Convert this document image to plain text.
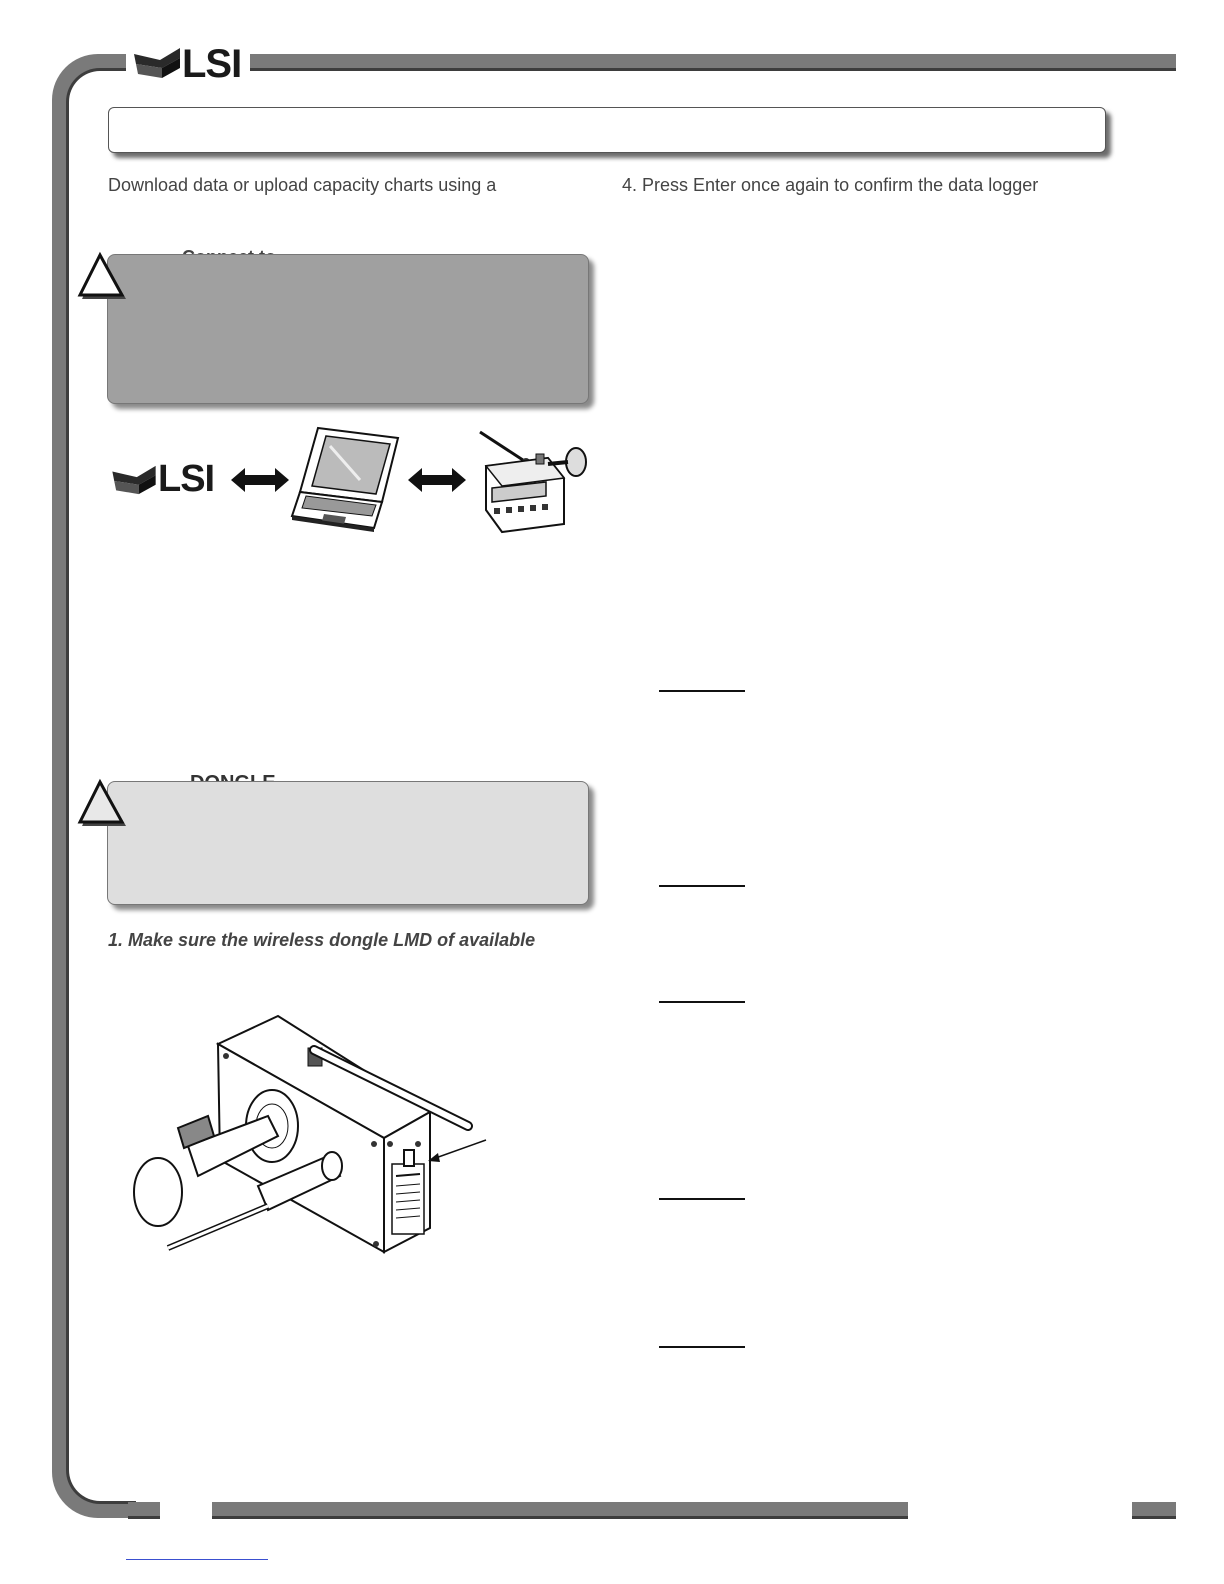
LSI
Download data or upload capacity charts using a	4. Press Enter once again to confirm the data logger
LSI
1. Make sure the wireless dongle LMD of available
